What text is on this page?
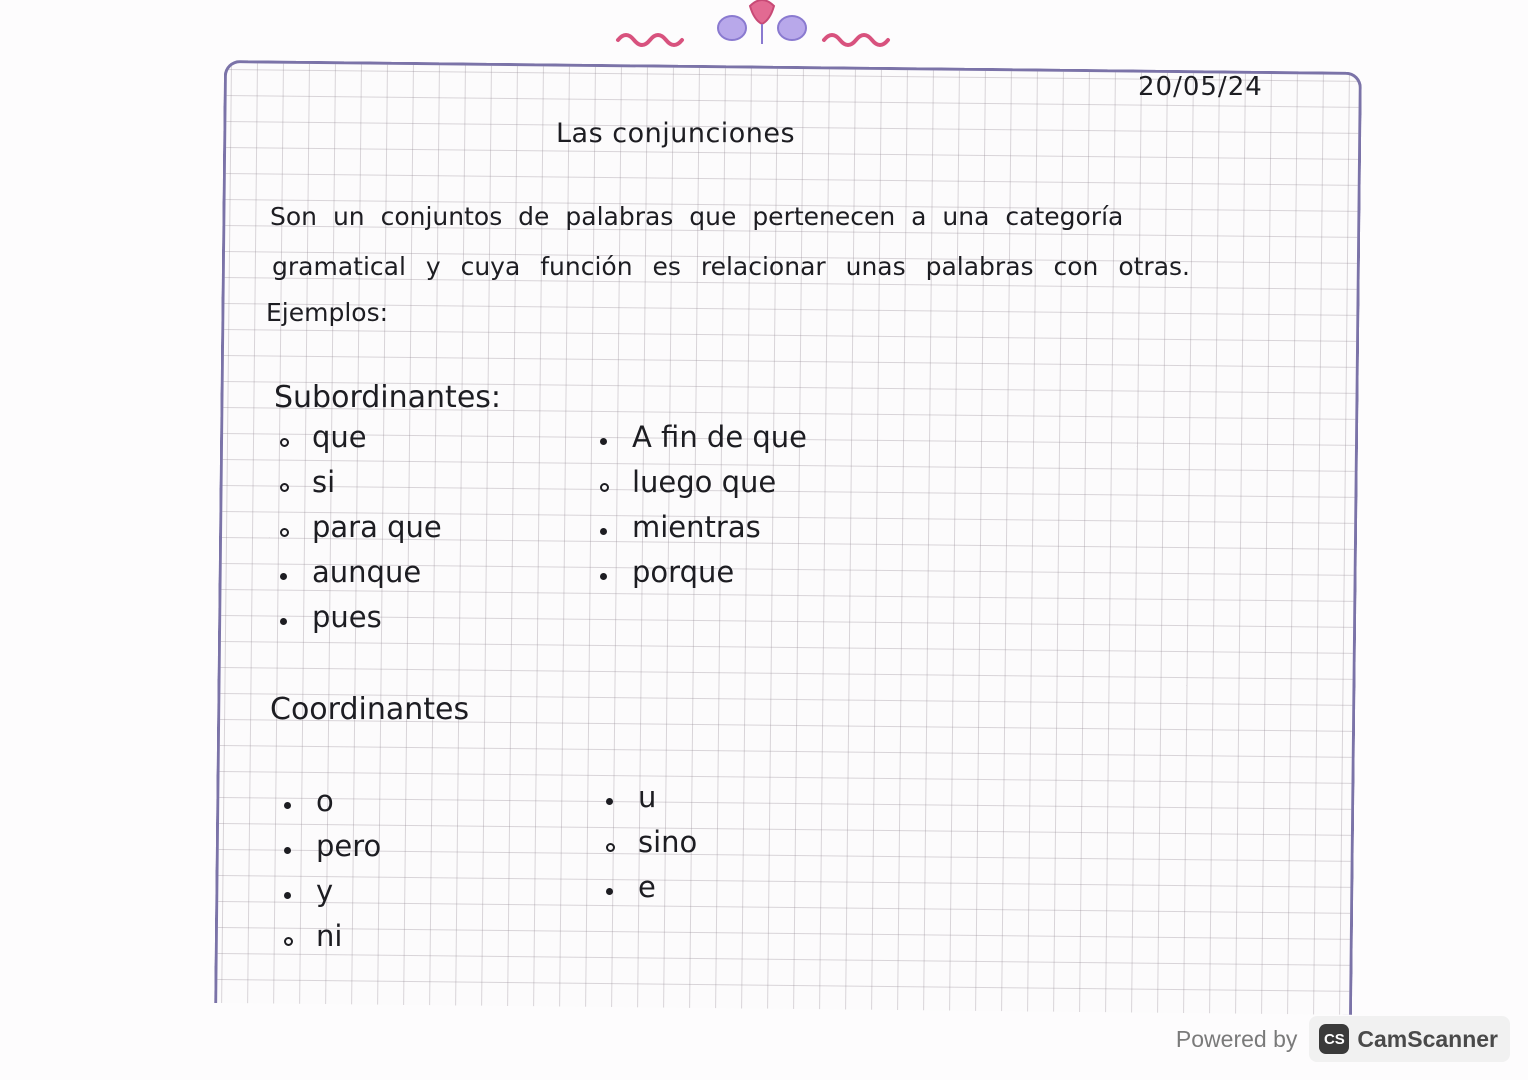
20/05/24
Las conjunciones
Son un conjuntos de palabras que pertenecen a una categoría
gramatical y cuya función es relacionar unas palabras con otras.
Ejemplos:
Subordinantes:
que
si
para que
aunque
pues
A fin de que
luego que
mientras
porque
Coordinantes
o
pero
y
ni
u
sino
e
Powered by	CS CamScanner
